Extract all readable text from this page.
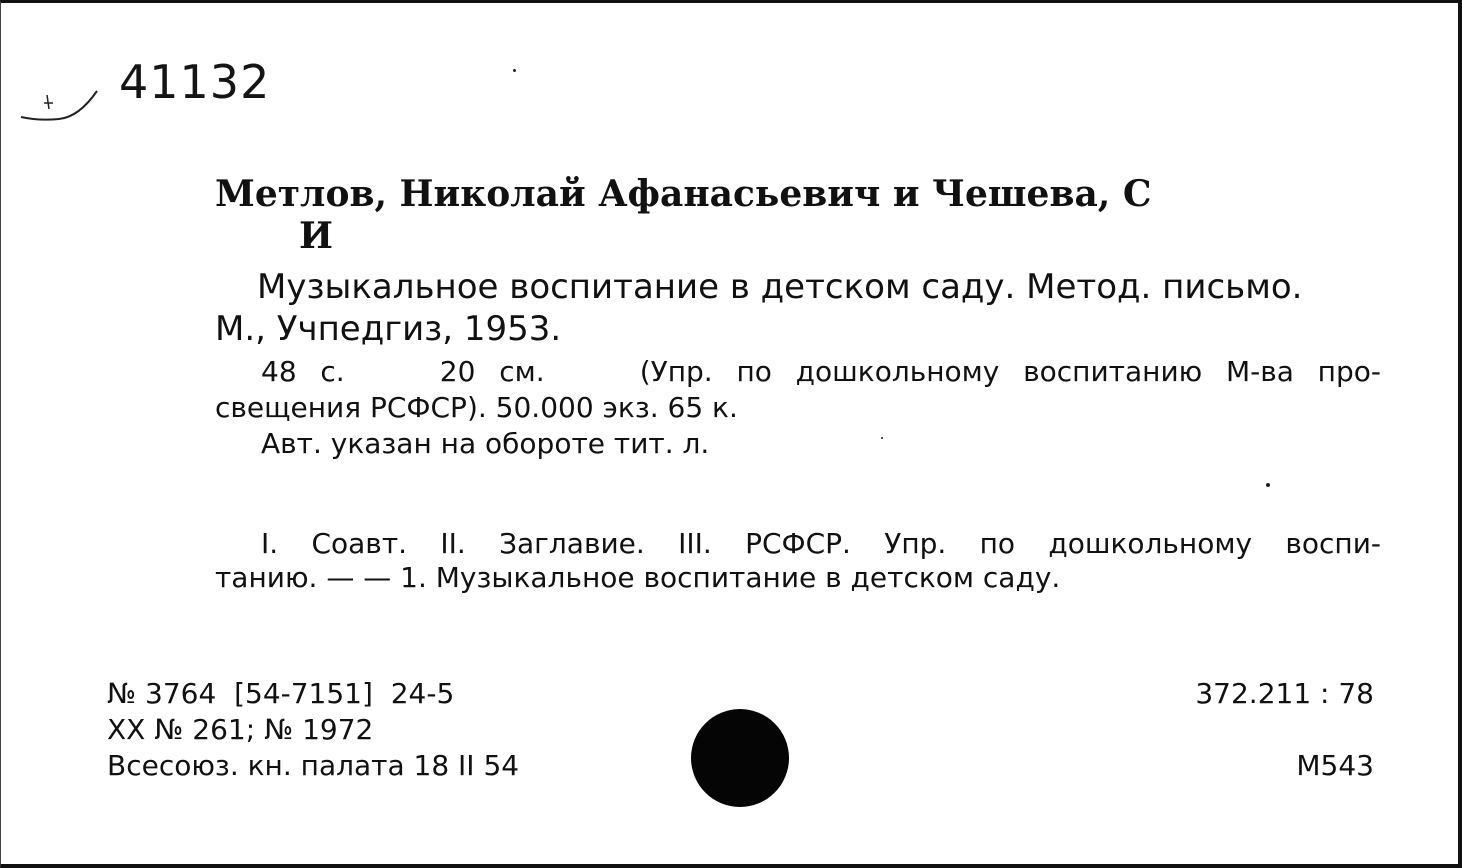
41132
Метлов, Николай Афанасьевич и Чешева, С
И
Музыкальное воспитание в детском саду. Метод. письмо.
М., Учпедгиз, 1953.
48 с.    20 см.    (Упр. по дошкольному воспитанию М-ва про-
свещения РСФСР). 50.000 экз. 65 к.
Авт. указан на обороте тит. л.
I. Соавт. II. Заглавие. III. РСФСР. Упр. по дошкольному воспи-
танию. — — 1. Музыкальное воспитание в детском саду.
№ 3764  [54-7151]  24-5
XX № 261; № 1972
Всесоюз. кн. палата 18 II 54
372.211 : 78
М543
